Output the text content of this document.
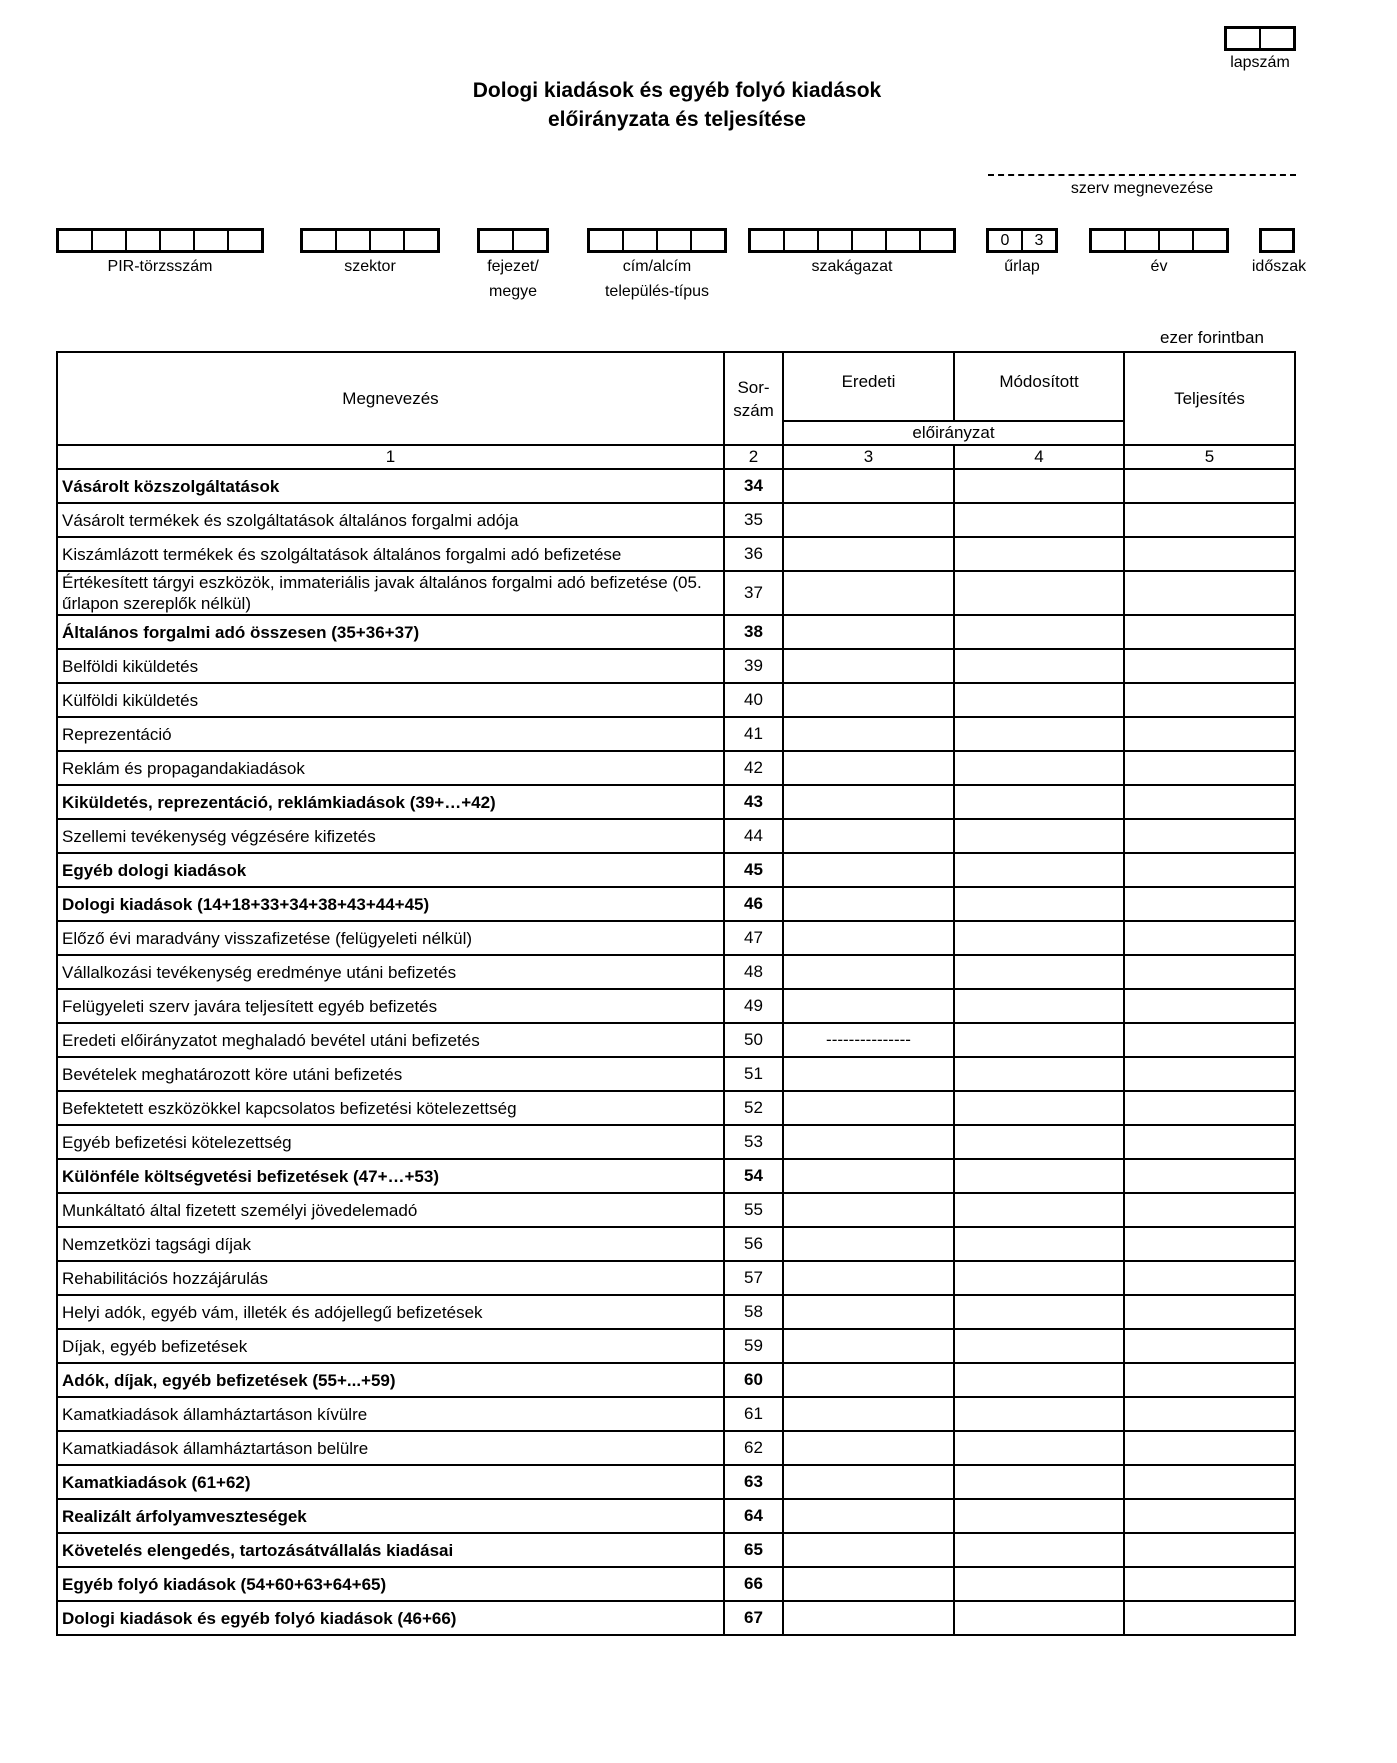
lapszám
Dologi kiadások és egyéb folyó kiadások
előirányzata és teljesítése
szerv megnevezése
PIR-törzsszám	szektor	fejezet/
megye
cím/alcím
település-típus
szakágazat
0	3
űrlap	év	időszak
ezer forintban
Megnevezés	Sor-
szám	Eredeti	Módosított	Teljesítés
		előirányzat		
1	2	3	4	5
Vásárolt közszolgáltatások	34			
Vásárolt termékek és szolgáltatások általános forgalmi adója	35			
Kiszámlázott termékek és szolgáltatások általános forgalmi adó befizetése	36			
Értékesített tárgyi eszközök, immateriális javak általános forgalmi adó befizetése (05. űrlapon szereplők nélkül)	37			
Általános forgalmi adó összesen (35+36+37)	38			
Belföldi kiküldetés	39			
Külföldi kiküldetés	40			
Reprezentáció	41			
Reklám és propagandakiadások	42			
Kiküldetés, reprezentáció, reklámkiadások (39+…+42)	43			
Szellemi tevékenység végzésére kifizetés	44			
Egyéb dologi kiadások	45			
Dologi kiadások (14+18+33+34+38+43+44+45)	46			
Előző évi maradvány visszafizetése (felügyeleti nélkül)	47			
Vállalkozási tevékenység eredménye utáni befizetés	48			
Felügyeleti szerv javára teljesített egyéb befizetés	49			
Eredeti előirányzatot meghaladó bevétel utáni befizetés	50	---------------		
Bevételek meghatározott köre utáni befizetés	51			
Befektetett eszközökkel kapcsolatos befizetési kötelezettség	52			
Egyéb befizetési kötelezettség	53			
Különféle költségvetési befizetések (47+…+53)	54			
Munkáltató által fizetett személyi jövedelemadó	55			
Nemzetközi tagsági díjak	56			
Rehabilitációs hozzájárulás	57			
Helyi adók, egyéb vám, illeték és adójellegű befizetések	58			
Díjak, egyéb befizetések	59			
Adók, díjak, egyéb befizetések (55+...+59)	60			
Kamatkiadások államháztartáson kívülre	61			
Kamatkiadások államháztartáson belülre	62			
Kamatkiadások (61+62)	63			
Realizált árfolyamveszteségek	64			
Követelés elengedés, tartozásátvállalás kiadásai	65			
Egyéb folyó kiadások (54+60+63+64+65)	66			
Dologi kiadások és egyéb folyó kiadások (46+66)	67			
